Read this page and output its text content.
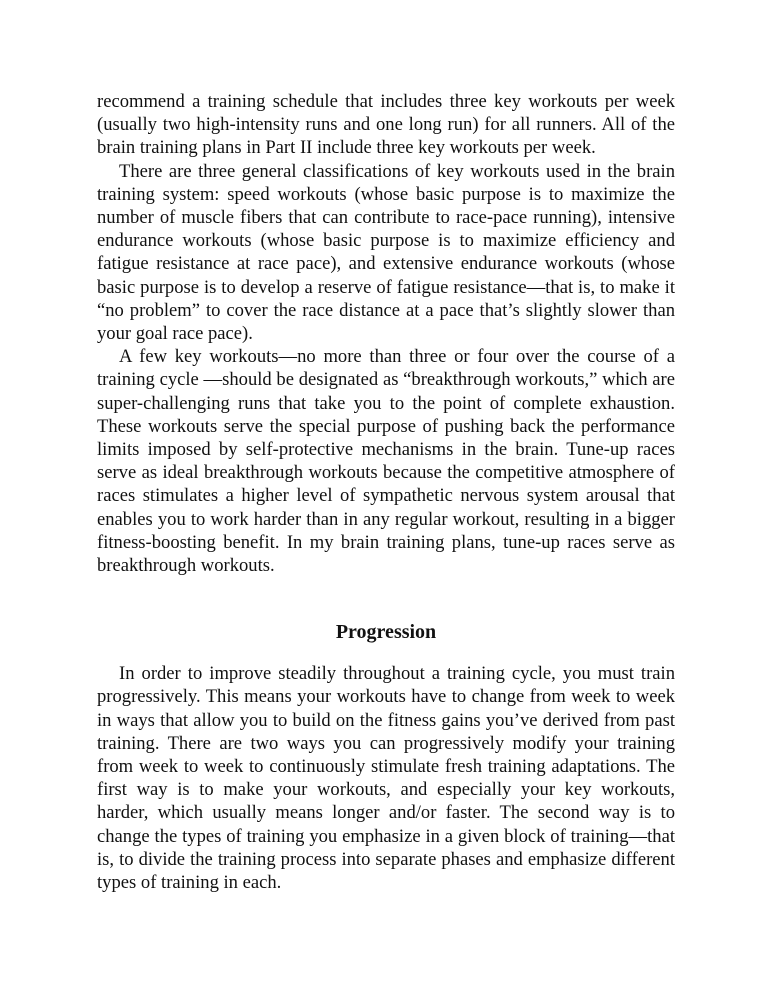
recommend a training schedule that includes three key workouts per week (usually two high-intensity runs and one long run) for all runners. All of the brain training plans in Part II include three key workouts per week.

There are three general classifications of key workouts used in the brain training system: speed workouts (whose basic purpose is to maximize the number of muscle fibers that can contribute to race-pace running), intensive endurance workouts (whose basic purpose is to maximize efficiency and fatigue resistance at race pace), and extensive endurance workouts (whose basic purpose is to develop a reserve of fatigue resistance—that is, to make it “no problem” to cover the race distance at a pace that’s slightly slower than your goal race pace).

A few key workouts—no more than three or four over the course of a training cycle —should be designated as “breakthrough workouts,” which are super-challenging runs that take you to the point of complete exhaustion. These workouts serve the special purpose of pushing back the performance limits imposed by self-protective mechanisms in the brain. Tune-up races serve as ideal breakthrough workouts because the competitive atmosphere of races stimulates a higher level of sympathetic nervous system arousal that enables you to work harder than in any regular workout, resulting in a bigger fitness-boosting benefit. In my brain training plans, tune-up races serve as breakthrough workouts.

Progression

In order to improve steadily throughout a training cycle, you must train progressively. This means your workouts have to change from week to week in ways that allow you to build on the fitness gains you’ve derived from past training. There are two ways you can progressively modify your training from week to week to continuously stimulate fresh training adaptations. The first way is to make your workouts, and especially your key workouts, harder, which usually means longer and/or faster. The second way is to change the types of training you emphasize in a given block of training—that is, to divide the training process into separate phases and emphasize different types of training in each.
